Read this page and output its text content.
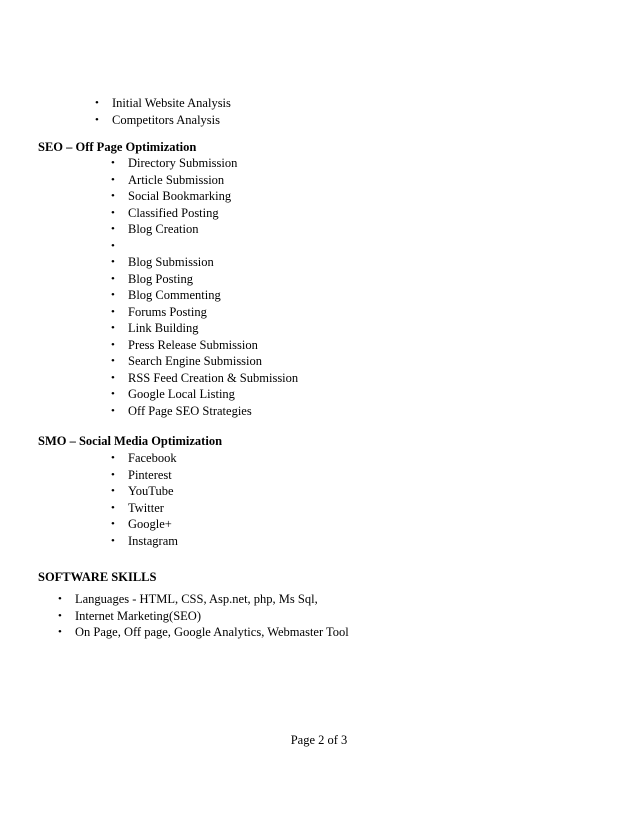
• Initial Website Analysis
• Competitors Analysis
SEO – Off Page Optimization
• Directory Submission
• Article Submission
• Social Bookmarking
• Classified Posting
• Blog Creation
•
• Blog Submission
• Blog Posting
• Blog Commenting
• Forums Posting
• Link Building
• Press Release Submission
• Search Engine Submission
• RSS Feed Creation & Submission
• Google Local Listing
• Off Page SEO Strategies
SMO – Social Media Optimization
• Facebook
• Pinterest
• YouTube
• Twitter
• Google+
• Instagram
SOFTWARE SKILLS
• Languages - HTML, CSS, Asp.net, php, Ms Sql,
• Internet Marketing(SEO)
• On Page, Off page, Google Analytics, Webmaster Tool
Page 2 of 3
